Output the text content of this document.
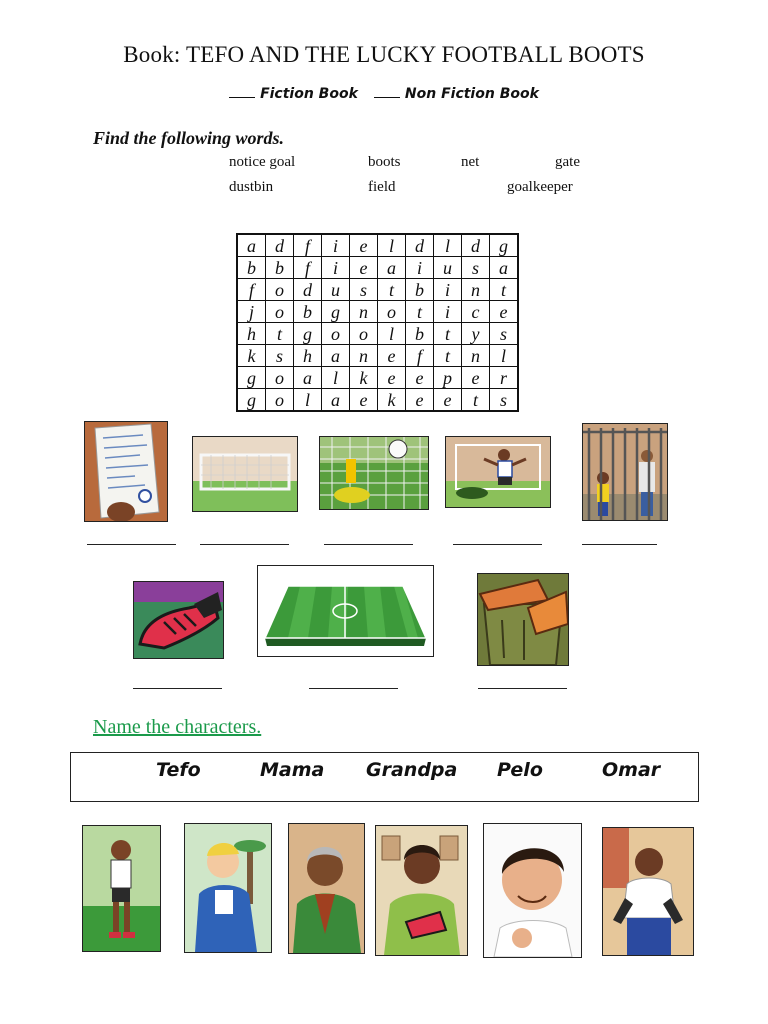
Book: TEFO AND THE LUCKY FOOTBALL BOOTS
Fiction Book	Non Fiction Book
Find the following words.
notice goal	boots	net	gate
dustbin	field	goalkeeper
a	d	f	i	e	l	d	l	d	g
b	b	f	i	e	a	i	u	s	a
f	o	d	u	s	t	b	i	n	t
j	o	b	g	n	o	t	i	c	e
h	t	g	o	o	l	b	t	y	s
k	s	h	a	n	e	f	t	n	l
g	o	a	l	k	e	e	p	e	r
g	o	l	a	e	k	e	e	t	s
Name the characters.
Tefo	Mama Grandpa Pelo	Omar
